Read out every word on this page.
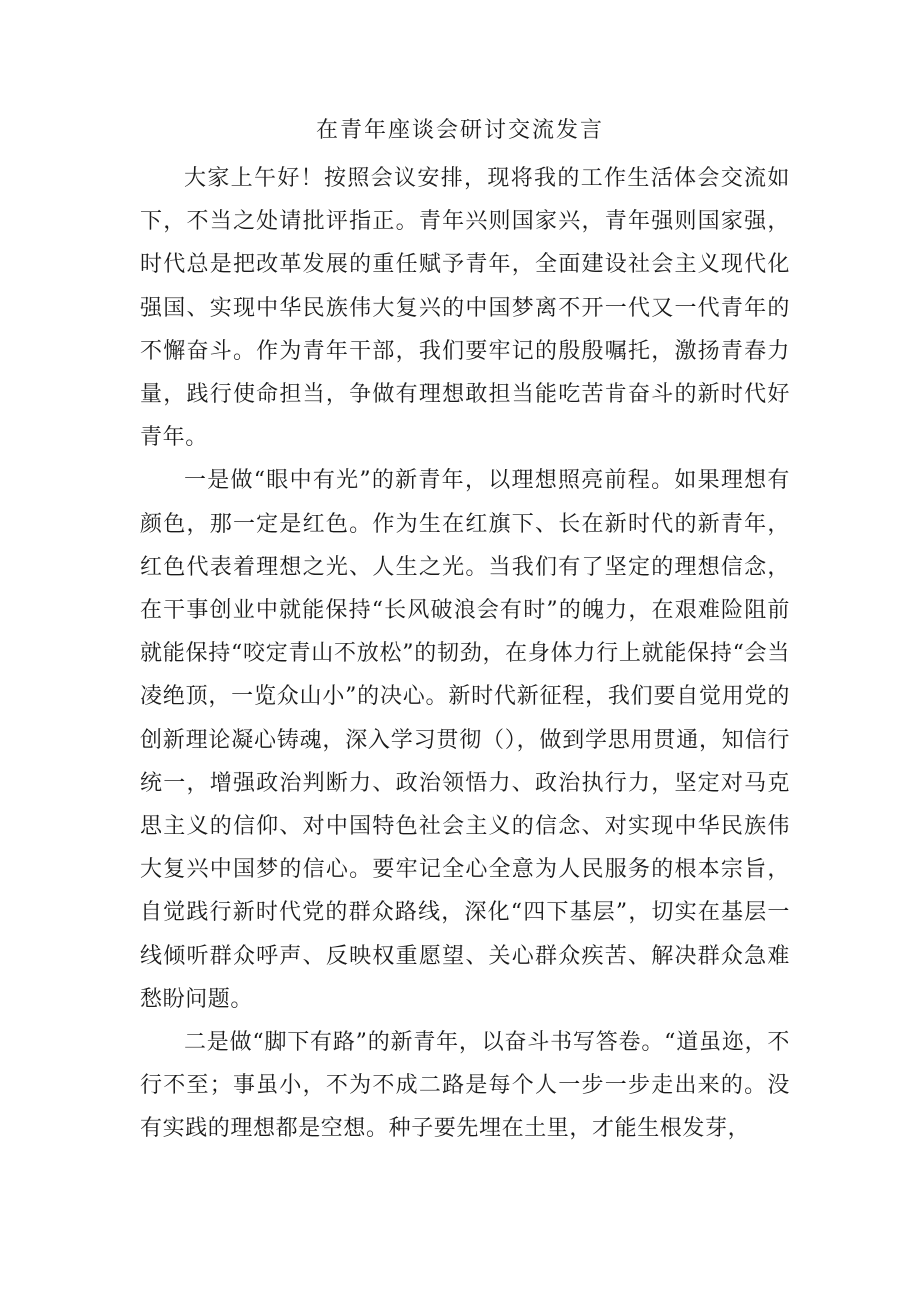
在青年座谈会研讨交流发言

大家上午好！按照会议安排，现将我的工作生活体会交流如下，不当之处请批评指正。青年兴则国家兴，青年强则国家强，时代总是把改革发展的重任赋予青年，全面建设社会主义现代化强国、实现中华民族伟大复兴的中国梦离不开一代又一代青年的不懈奋斗。作为青年干部，我们要牢记的殷殷嘱托，激扬青春力量，践行使命担当，争做有理想敢担当能吃苦肯奋斗的新时代好青年。

一是做“眼中有光”的新青年，以理想照亮前程。如果理想有颜色，那一定是红色。作为生在红旗下、长在新时代的新青年，红色代表着理想之光、人生之光。当我们有了坚定的理想信念，在干事创业中就能保持“长风破浪会有时”的魄力，在艰难险阻前就能保持“咬定青山不放松”的韧劲，在身体力行上就能保持“会当凌绝顶，一览众山小”的决心。新时代新征程，我们要自觉用党的创新理论凝心铸魂，深入学习贯彻（），做到学思用贯通，知信行统一，增强政治判断力、政治领悟力、政治执行力，坚定对马克思主义的信仰、对中国特色社会主义的信念、对实现中华民族伟大复兴中国梦的信心。要牢记全心全意为人民服务的根本宗旨，自觉践行新时代党的群众路线，深化“四下基层”，切实在基层一线倾听群众呼声、反映权重愿望、关心群众疾苦、解决群众急难愁盼问题。

二是做“脚下有路”的新青年，以奋斗书写答卷。“道虽迩，不行不至；事虽小，不为不成二路是每个人一步一步走出来的。没有实践的理想都是空想。种子要先埋在土里，才能生根发芽，
